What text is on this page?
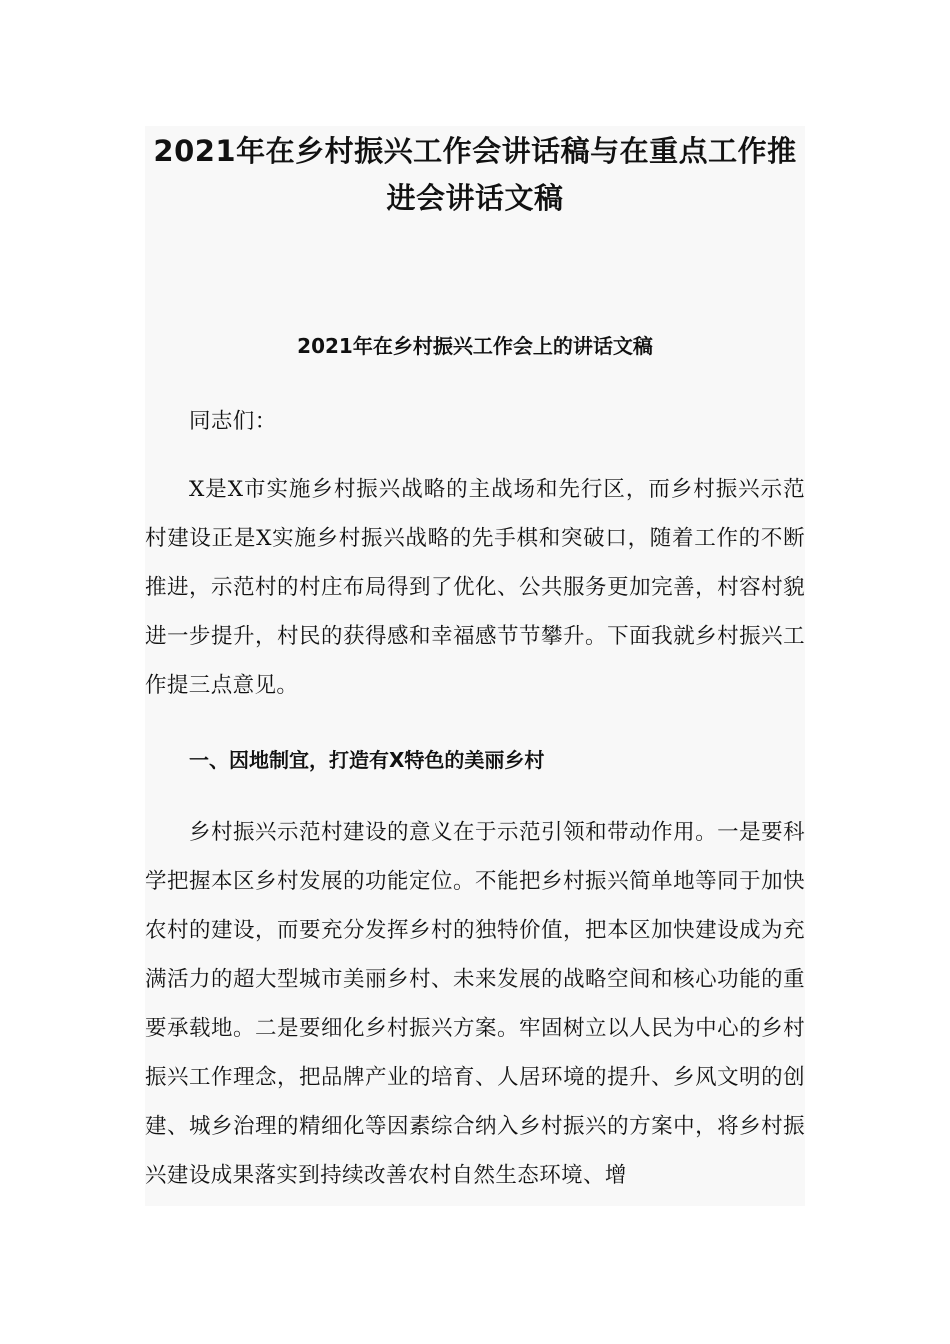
2021年在乡村振兴工作会讲话稿与在重点工作推进会讲话文稿
2021年在乡村振兴工作会上的讲话文稿

同志们：

X是X市实施乡村振兴战略的主战场和先行区，而乡村振兴示范村建设正是X实施乡村振兴战略的先手棋和突破口，随着工作的不断推进，示范村的村庄布局得到了优化、公共服务更加完善，村容村貌进一步提升，村民的获得感和幸福感节节攀升。下面我就乡村振兴工作提三点意见。

一、因地制宜，打造有X特色的美丽乡村

乡村振兴示范村建设的意义在于示范引领和带动作用。一是要科学把握本区乡村发展的功能定位。不能把乡村振兴简单地等同于加快农村的建设，而要充分发挥乡村的独特价值，把本区加快建设成为充满活力的超大型城市美丽乡村、未来发展的战略空间和核心功能的重要承载地。二是要细化乡村振兴方案。牢固树立以人民为中心的乡村振兴工作理念，把品牌产业的培育、人居环境的提升、乡风文明的创建、城乡治理的精细化等因素综合纳入乡村振兴的方案中，将乡村振兴建设成果落实到持续改善农村自然生态环境、增
